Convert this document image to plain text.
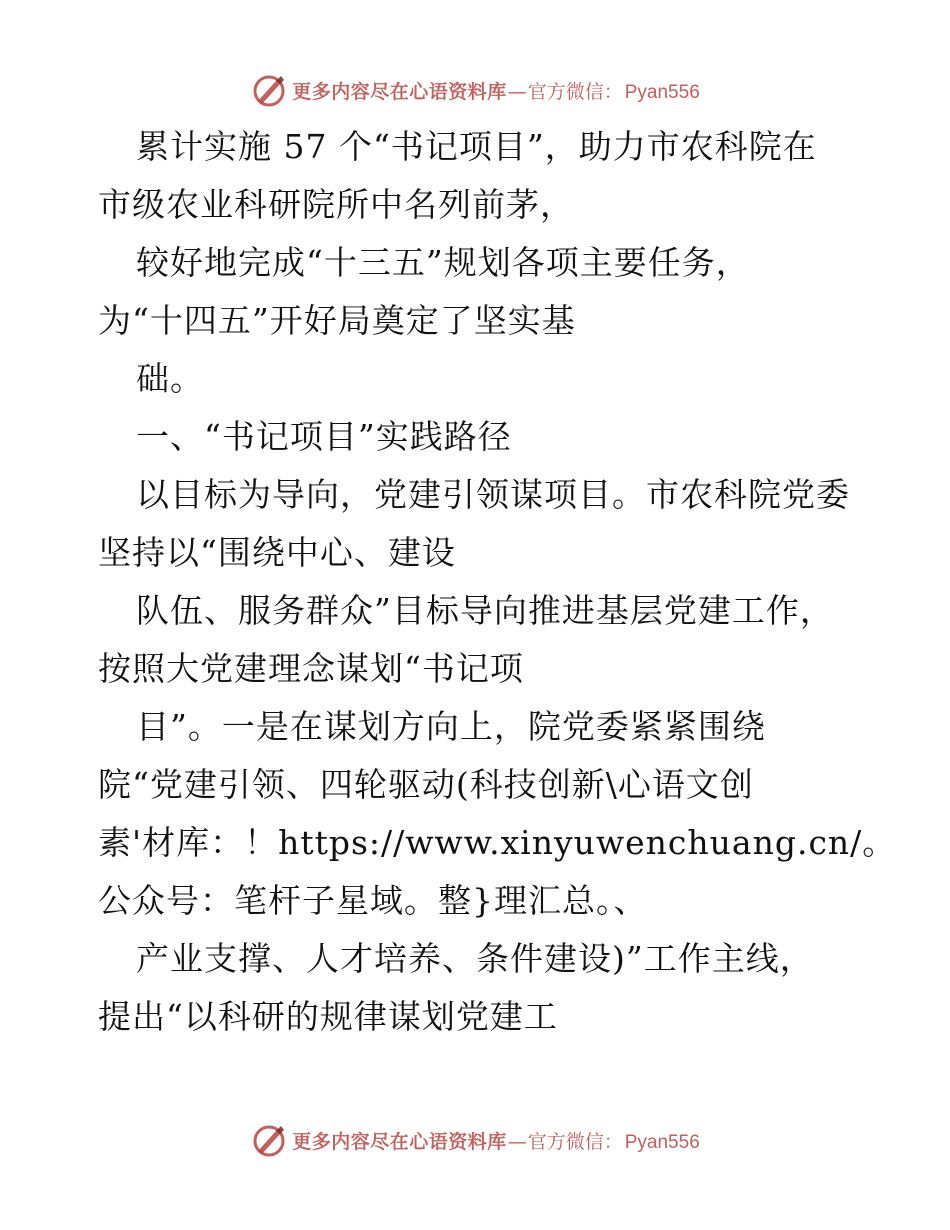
更多内容尽在心语资料库 — 官方微信： Pyan556
累计实施 57 个“书记项目”，助力市农科院在
市级农业科研院所中名列前茅，
较好地完成“十三五”规划各项主要任务，
为“十四五”开好局奠定了坚实基
础。
一、“书记项目”实践路径
以目标为导向，党建引领谋项目。市农科院党委
坚持以“围绕中心、建设
队伍、服务群众”目标导向推进基层党建工作，
按照大党建理念谋划“书记项
目”。一是在谋划方向上，院党委紧紧围绕
院“党建引领、四轮驱动(科技创新\心语文创
素'材库：！https://www.xinyuwenchuang.cn/。
公众号：笔杆子星域。整}理汇总。、
产业支撑、人才培养、条件建设)”工作主线，
提出“以科研的规律谋划党建工
更多内容尽在心语资料库 — 官方微信： Pyan556
